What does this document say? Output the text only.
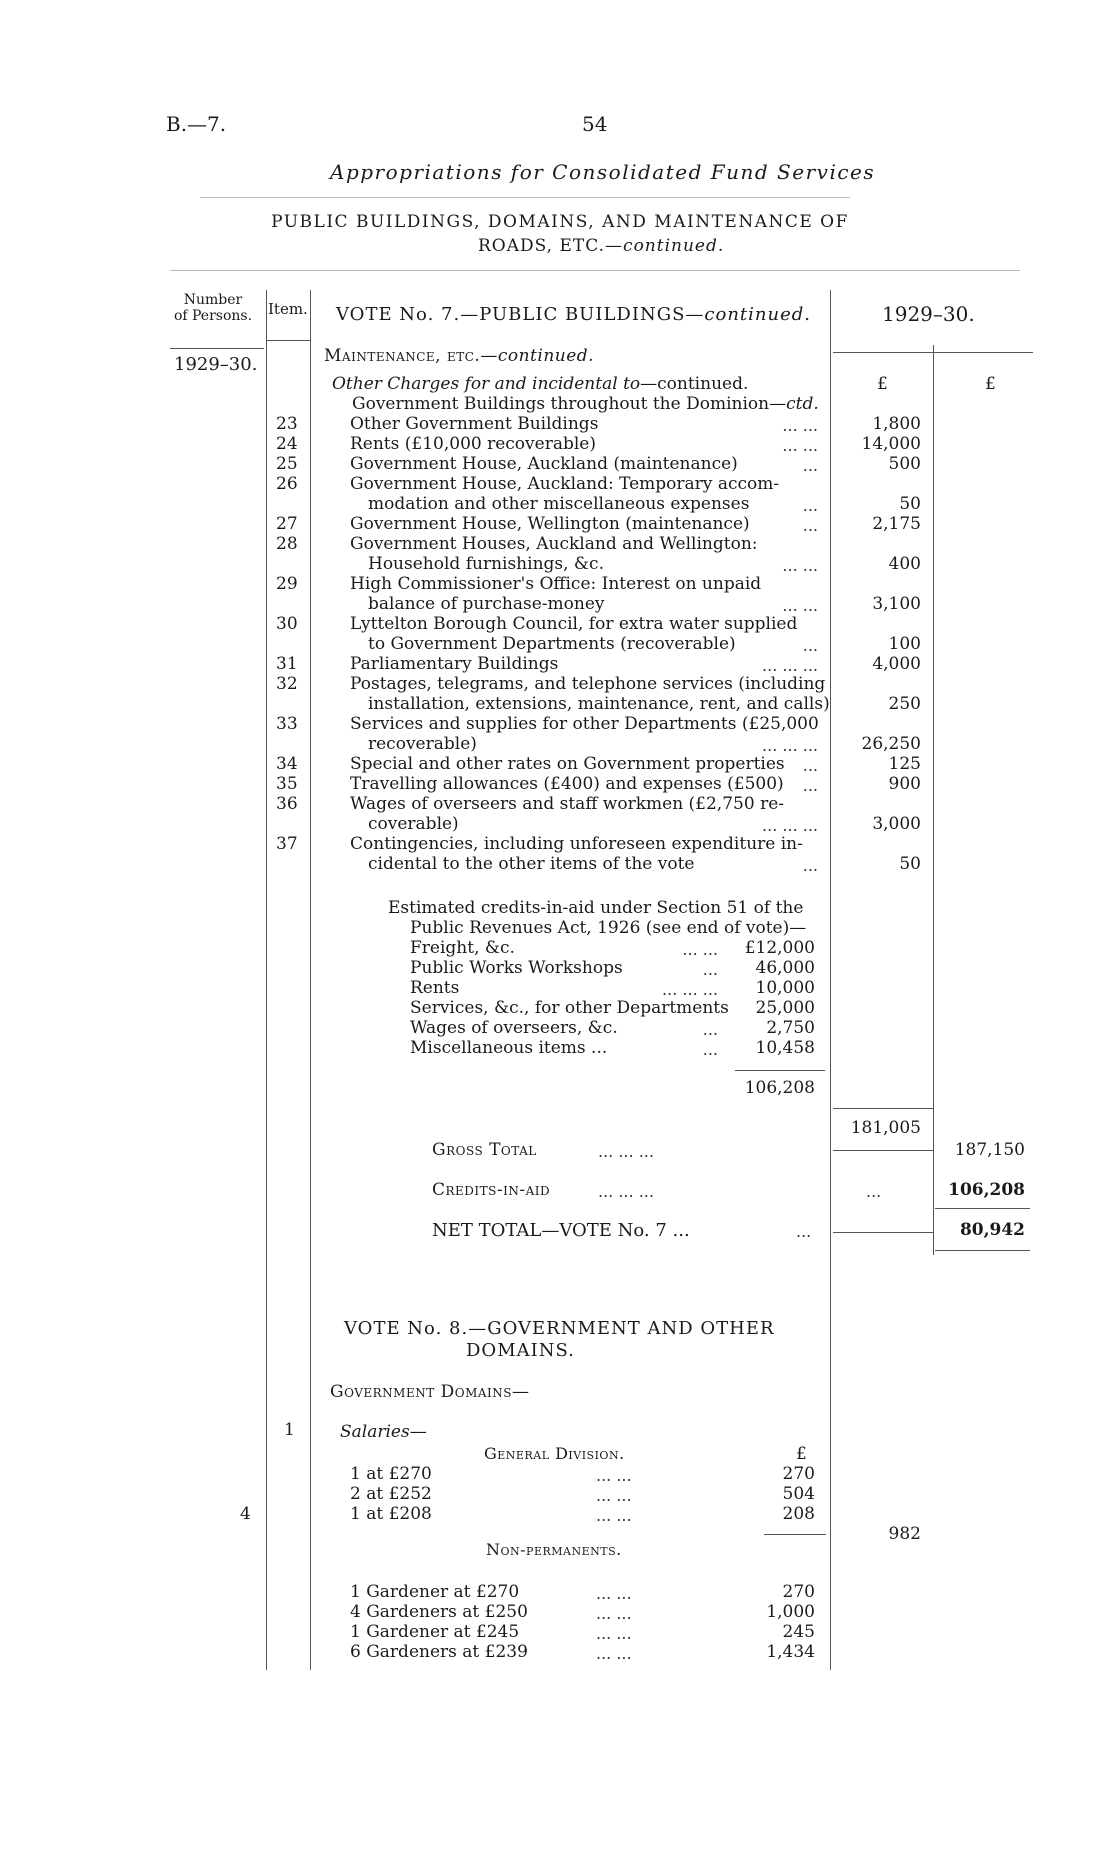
B.—7.	54
Appropriations for Consolidated Fund Services
PUBLIC BUILDINGS, DOMAINS, AND MAINTENANCE OF
ROADS, ETC.—continued.
Number
of Persons.	Item. VOTE No. 7.—PUBLIC BUILDINGS—continued.	1929–30.
1929–30.	Maintenance, etc.—continued.
Other Charges for and incidental to—continued.
Government Buildings throughout the Dominion—ctd.
£	£
23	Other Government Buildings	... ...	1,800
24	Rents (£10,000 recoverable)	... ...	14,000
25	Government House, Auckland (maintenance)	...	500
26	Government House, Auckland: Temporary accom-
modation and other miscellaneous expenses	...	50
27	Government House, Wellington (maintenance)	...	2,175
28	Government Houses, Auckland and Wellington:
Household furnishings, &c.	... ...	400
29	High Commissioner's Office: Interest on unpaid
balance of purchase-money	... ...	3,100
30	Lyttelton Borough Council, for extra water supplied
to Government Departments (recoverable)	...	100
31	Parliamentary Buildings	... ... ...	4,000
32	Postages, telegrams, and telephone services (including
installation, extensions, maintenance, rent, and calls)	250
33	Services and supplies for other Departments (£25,000
recoverable)	... ... ...	26,250
34	Special and other rates on Government properties	...	125
35	Travelling allowances (£400) and expenses (£500)	...	900
36	Wages of overseers and staff workmen (£2,750 re-
coverable)	... ... ...	3,000
37	Contingencies, including unforeseen expenditure in-
cidental to the other items of the vote	...	50
Estimated credits-in-aid under Section 51 of the
Public Revenues Act, 1926 (see end of vote)—
Freight, &c.	... ...	£12,000
Public Works Workshops	...	46,000
Rents	... ... ...	10,000
Services, &c., for other Departments	25,000
Wages of overseers, &c.	...	2,750
Miscellaneous items ...	...	10,458
106,208
181,005
Gross Total	... ... ...	187,150
Credits-in-aid	... ... ...	...	106,208
NET TOTAL—VOTE No. 7 ...	...	80,942
VOTE No. 8.—GOVERNMENT AND OTHER
DOMAINS.
Government Domains—
1	Salaries—
General Division.	£
1 at £270	... ...	270
2 at £252	... ...	504
1 at £208	... ...	208
4
982
Non-permanents.
1 Gardener at £270	... ...	270
4 Gardeners at £250	... ...	1,000
1 Gardener at £245	... ...	245
6 Gardeners at £239	... ...	1,434
